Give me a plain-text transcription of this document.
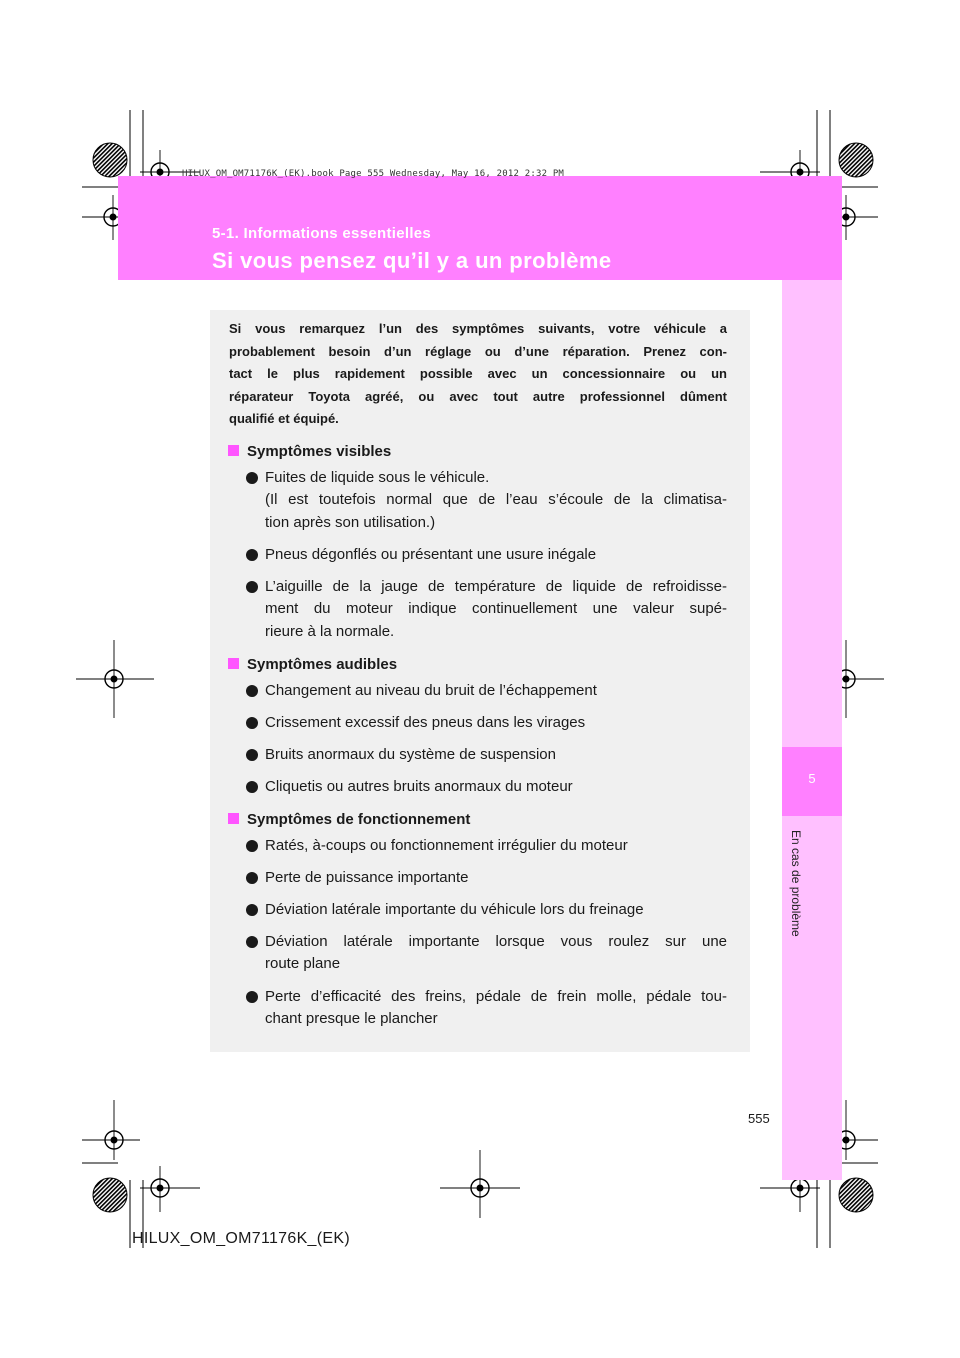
HILUX_OM_OM71176K_(EK).book Page 555 Wednesday, May 16, 2012 2:32 PM
5-1. Informations essentielles
Si vous pensez qu’il y a un problème
5
En cas de problème
Si vous remarquez l’un des symptômes suivants, votre véhicule a
probablement besoin d’un réglage ou d’une réparation. Prenez con-
tact le plus rapidement possible avec un concessionnaire ou un
réparateur Toyota agréé, ou avec tout autre professionnel dûment
qualifié et équipé.
Symptômes visibles
Fuites de liquide sous le véhicule.
(Il est toutefois normal que de l’eau s’écoule de la climatisa-
tion après son utilisation.)
Pneus dégonflés ou présentant une usure inégale
L’aiguille de la jauge de température de liquide de refroidisse-
ment du moteur indique continuellement une valeur supé-
rieure à la normale.
Symptômes audibles
Changement au niveau du bruit de l’échappement
Crissement excessif des pneus dans les virages
Bruits anormaux du système de suspension
Cliquetis ou autres bruits anormaux du moteur
Symptômes de fonctionnement
Ratés, à-coups ou fonctionnement irrégulier du moteur
Perte de puissance importante
Déviation latérale importante du véhicule lors du freinage
Déviation latérale importante lorsque vous roulez sur une
route plane
Perte d’efficacité des freins, pédale de frein molle, pédale tou-
chant presque le plancher
555
HILUX_OM_OM71176K_(EK)
